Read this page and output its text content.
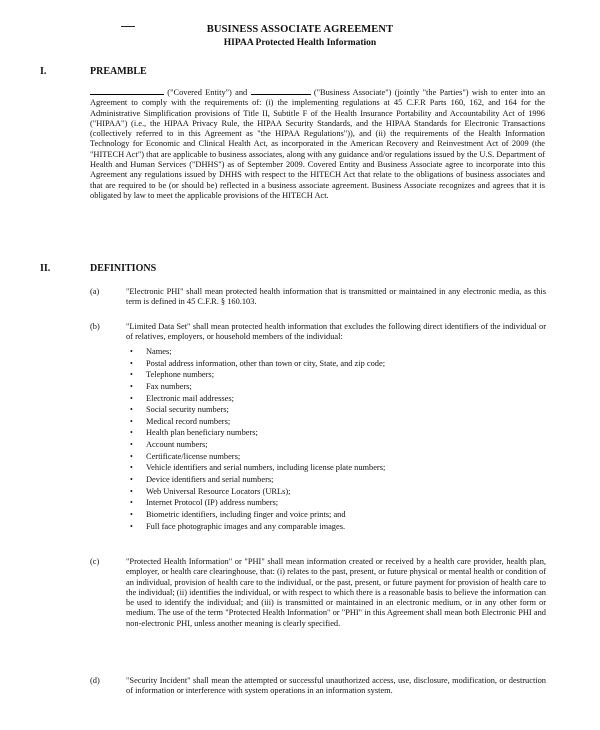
BUSINESS ASSOCIATE AGREEMENT
HIPAA Protected Health Information
I.	PREAMBLE

("Covered Entity") and	("Business Associate") (jointly "the Parties") wish to enter into an Agreement to comply with the requirements of: (i) the implementing regulations at 45 C.F.R Parts 160, 162, and 164 for the Administrative Simplification provisions of Title II, Subtitle F of the Health Insurance Portability and Accountability Act of 1996 ("HIPAA") (i.e., the HIPAA Privacy Rule, the HIPAA Security Standards, and the HIPAA Standards for Electronic Transactions (collectively referred to in this Agreement as "the HIPAA Regulations")), and (ii) the requirements of the Health Information Technology for Economic and Clinical Health Act, as incorporated in the American Recovery and Reinvestment Act of 2009 (the "HITECH Act") that are applicable to business associates, along with any guidance and/or regulations issued by the U.S. Department of Health and Human Services ("DHHS") as of September 2009. Covered Entity and Business Associate agree to incorporate into this Agreement any regulations issued by DHHS with respect to the HITECH Act that relate to the obligations of business associates and that are required to be (or should be) reflected in a business associate agreement. Business Associate recognizes and agrees that it is obligated by law to meet the applicable provisions of the HITECH Act.

II.	DEFINITIONS
(a)	"Electronic PHI" shall mean protected health information that is transmitted or maintained in any electronic media, as this term is defined in 45 C.F.R. § 160.103.

(b)	"Limited Data Set" shall mean protected health information that excludes the following direct identifiers of the individual or of relatives, employers, or household members of the individual:

• Names;
• Postal address information, other than town or city, State, and zip code;
• Telephone numbers;
• Fax numbers;
• Electronic mail addresses;
• Social security numbers;
• Medical record numbers;
• Health plan beneficiary numbers;
• Account numbers;
• Certificate/license numbers;
• Vehicle identifiers and serial numbers, including license plate numbers;
• Device identifiers and serial numbers;
• Web Universal Resource Locators (URLs);
• Internet Protocol (IP) address numbers;
• Biometric identifiers, including finger and voice prints; and
• Full face photographic images and any comparable images.
(c)	"Protected Health Information" or "PHI" shall mean information created or received by a health care provider, health plan, employer, or health care clearinghouse, that: (i) relates to the past, present, or future physical or mental health or condition of an individual, provision of health care to the individual, or the past, present, or future payment for provision of health care to the individual; (ii) identifies the individual, or with respect to which there is a reasonable basis to believe the information can be used to identify the individual; and (iii) is transmitted or maintained in an electronic medium, or in any other form or medium. The use of the term "Protected Health Information" or "PHI" in this Agreement shall mean both Electronic PHI and non-electronic PHI, unless another meaning is clearly specified.

(d)	"Security Incident" shall mean the attempted or successful unauthorized access, use, disclosure, modification, or destruction of information or interference with system operations in an information system.
